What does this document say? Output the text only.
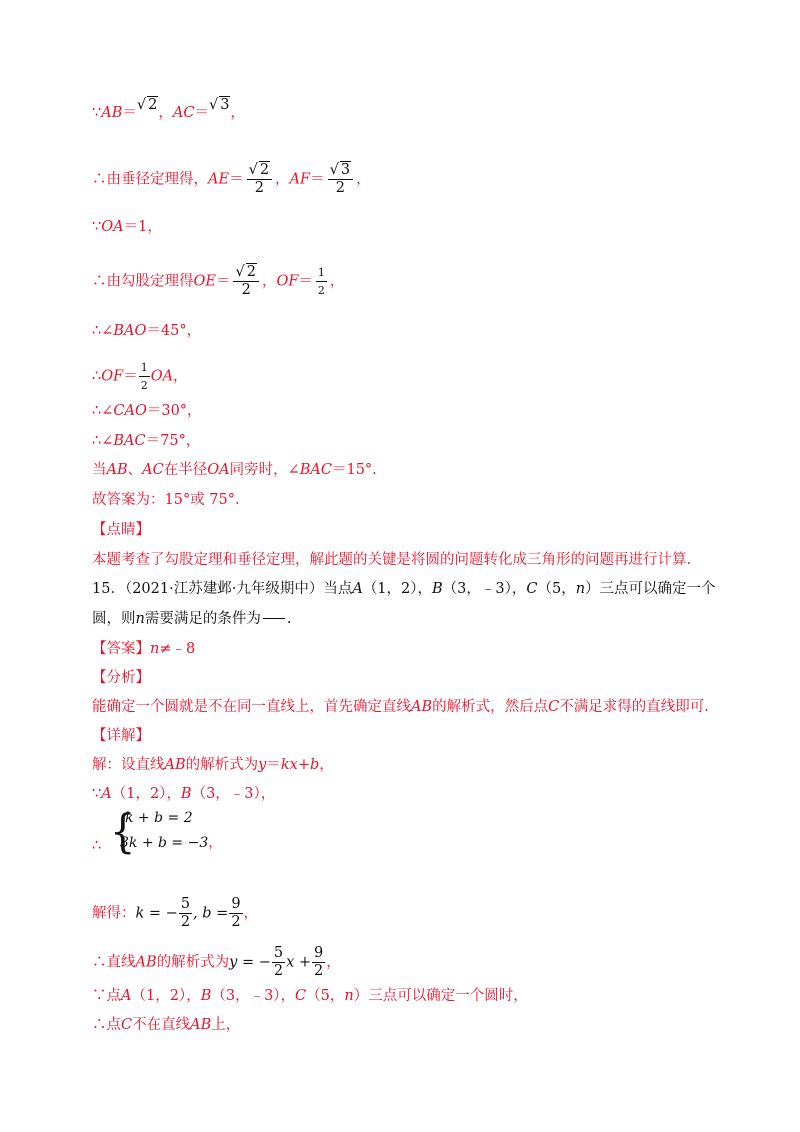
∵AB＝√ 2，AC＝√ 3，
∴由垂径定理得，$AE= \frac{√ 2}{2}$ ，$AF= \frac{√ 3}{2}$ ，
∵OA＝1，
∴由勾股定理得$OE= \frac{√ 2}{2}$ ，$OF= \frac{1}{2}$ ，
∴∠BAO＝45°，
∴OF＝ $\frac{1}{2}$ OA，
∴∠CAO＝30°，
∴∠BAC＝75°，
当AB、AC在半径OA同旁时，∠BAC＝15°.
故答案为：15°或 75°.
【点睛】
本题考查了勾股定理和垂径定理，解此题的关键是将圆的问题转化成三角形的问题再进行计算.
15．（2021·江苏建邺·九年级期中）当点A（1，2），B（3，﹣3），C（5，n）三点可以确定一个
圆，则n需要满足的条件为 .
【答案】n≠﹣8
【分析】
能确定一个圆就是不在同一直线上，首先确定直线AB的解析式，然后点C不满足求得的直线即可.
【详解】
解：设直线AB的解析式为y＝kx+b，
∵A（1，2），B（3，﹣3），
∴ {
k + b = 2
3k + b = −3，
解得：k = − $\frac{5}{2}$ , $b = \frac{9}{2}$ ，
∴直线AB的解析式为y = − $\frac{5}{2}$ $x + \frac{9}{2}$ ，
∵点A（1，2），B（3，﹣3），C（5，n）三点可以确定一个圆时，
∴点C不在直线AB上，
